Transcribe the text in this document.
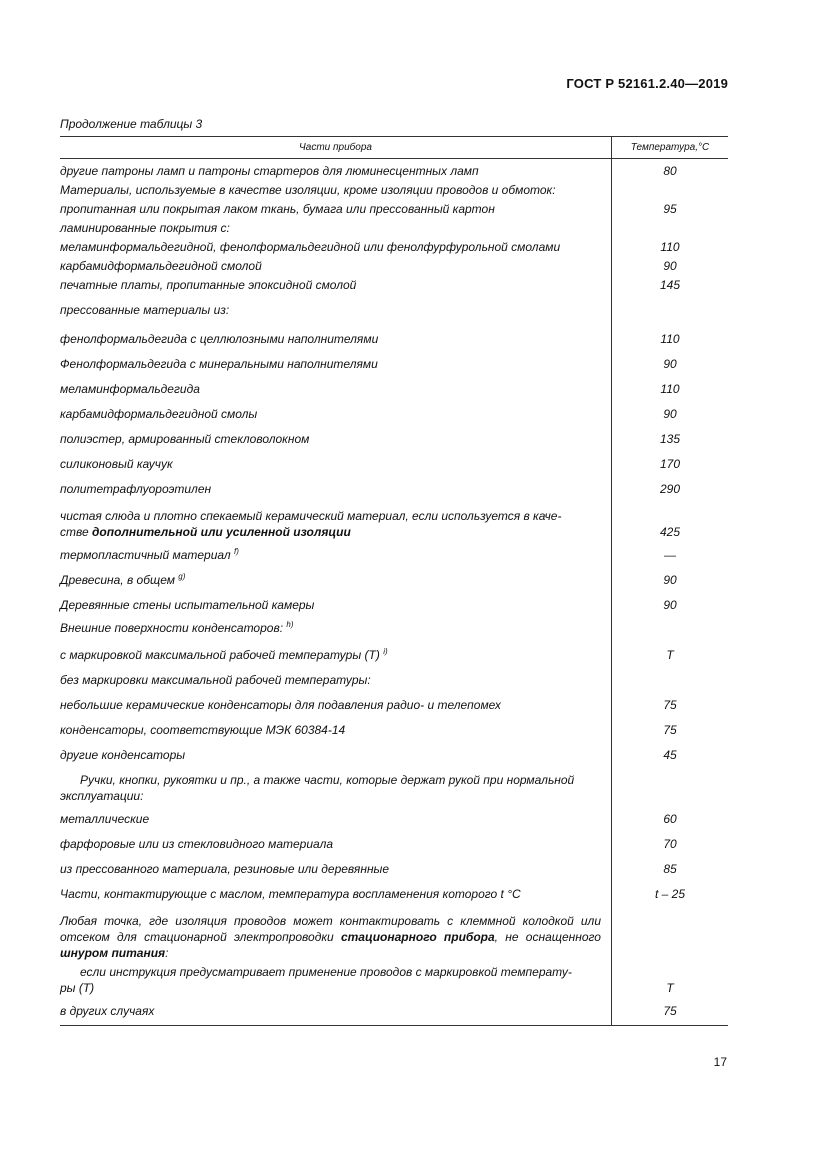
ГОСТ Р 52161.2.40—2019
Продолжение таблицы 3
Части прибора	Температура,°С
другие патроны ламп и патроны стартеров для люминесцентных ламп	80
Материалы, используемые в качестве изоляции, кроме изоляции проводов и обмоток:	
пропитанная или покрытая лаком ткань, бумага или прессованный картон	95
ламинированные покрытия с:	
меламинформальдегидной, фенолформальдегидной или фенолфурфурольной смолами	110
карбамидформальдегидной смолой	90
печатные платы, пропитанные эпоксидной смолой	145
прессованные материалы из:	
фенолформальдегида с целлюлозными наполнителями	110
Фенолформальдегида с минеральными наполнителями	90
меламинформальдегида	110
карбамидформальдегидной смолы	90
полиэстер, армированный стекловолокном	135
силиконовый каучук	170
политетрафлуороэтилен	290
чистая слюда и плотно спекаемый керамический материал, если используется в каче-
стве дополнительной или усиленной изоляции	425
термопластичный материал $^{f)}$	—
Древесина, в общем $^{g)}$	90
Деревянные стены испытательной камеры	90
Внешние поверхности конденсаторов: $^{h)}$	
с маркировкой максимальной рабочей температуры (Т) $^{i)}$	T
без маркировки максимальной рабочей температуры:	
небольшие керамические конденсаторы для подавления радио- и телепомех	75
конденсаторы, соответствующие МЭК 60384-14	75
другие конденсаторы	45
Ручки, кнопки, рукоятки и пр., а также части, которые держат рукой при нормальной
эксплуатации:	
металлические	60
фарфоровые или из стекловидного материала	70
из прессованного материала, резиновые или деревянные	85
Части, контактирующие с маслом, температура воспламенения которого t °С	t – 25
Любая точка, где изоляция проводов может контактировать с клеммной колодкой или отсеком для стационарной электропроводки стационарного прибора, не оснащенного шнуром питания:	
если инструкция предусматривает применение проводов с маркировкой температу-
ры (Т)	T
в других случаях	75
17
